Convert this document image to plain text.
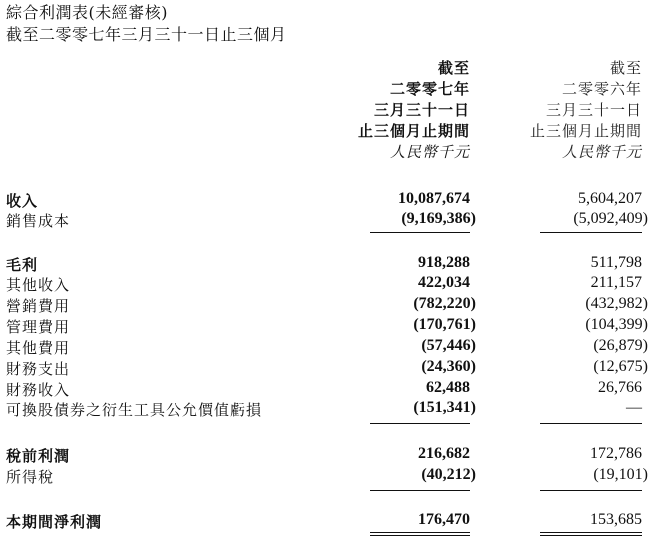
綜合利潤表(未經審核)
截至二零零七年三月三十一日止三個月
截至
二零零七年
三月三十一日
止三個月止期間
人民幣千元
截至
二零零六年
三月三十一日
止三個月止期間
人民幣千元
收入	10,087,674	5,604,207
銷售成本	(9,169,386)	(5,092,409)
毛利	918,288	511,798
其他收入	422,034	211,157
營銷費用	(782,220)	(432,982)
管理費用	(170,761)	(104,399)
其他費用	(57,446)	(26,879)
財務支出	(24,360)	(12,675)
財務收入	62,488	26,766
可換股債券之衍生工具公允價值虧損	(151,341)	—
稅前利潤	216,682	172,786
所得稅	(40,212)	(19,101)
本期間淨利潤	176,470	153,685
